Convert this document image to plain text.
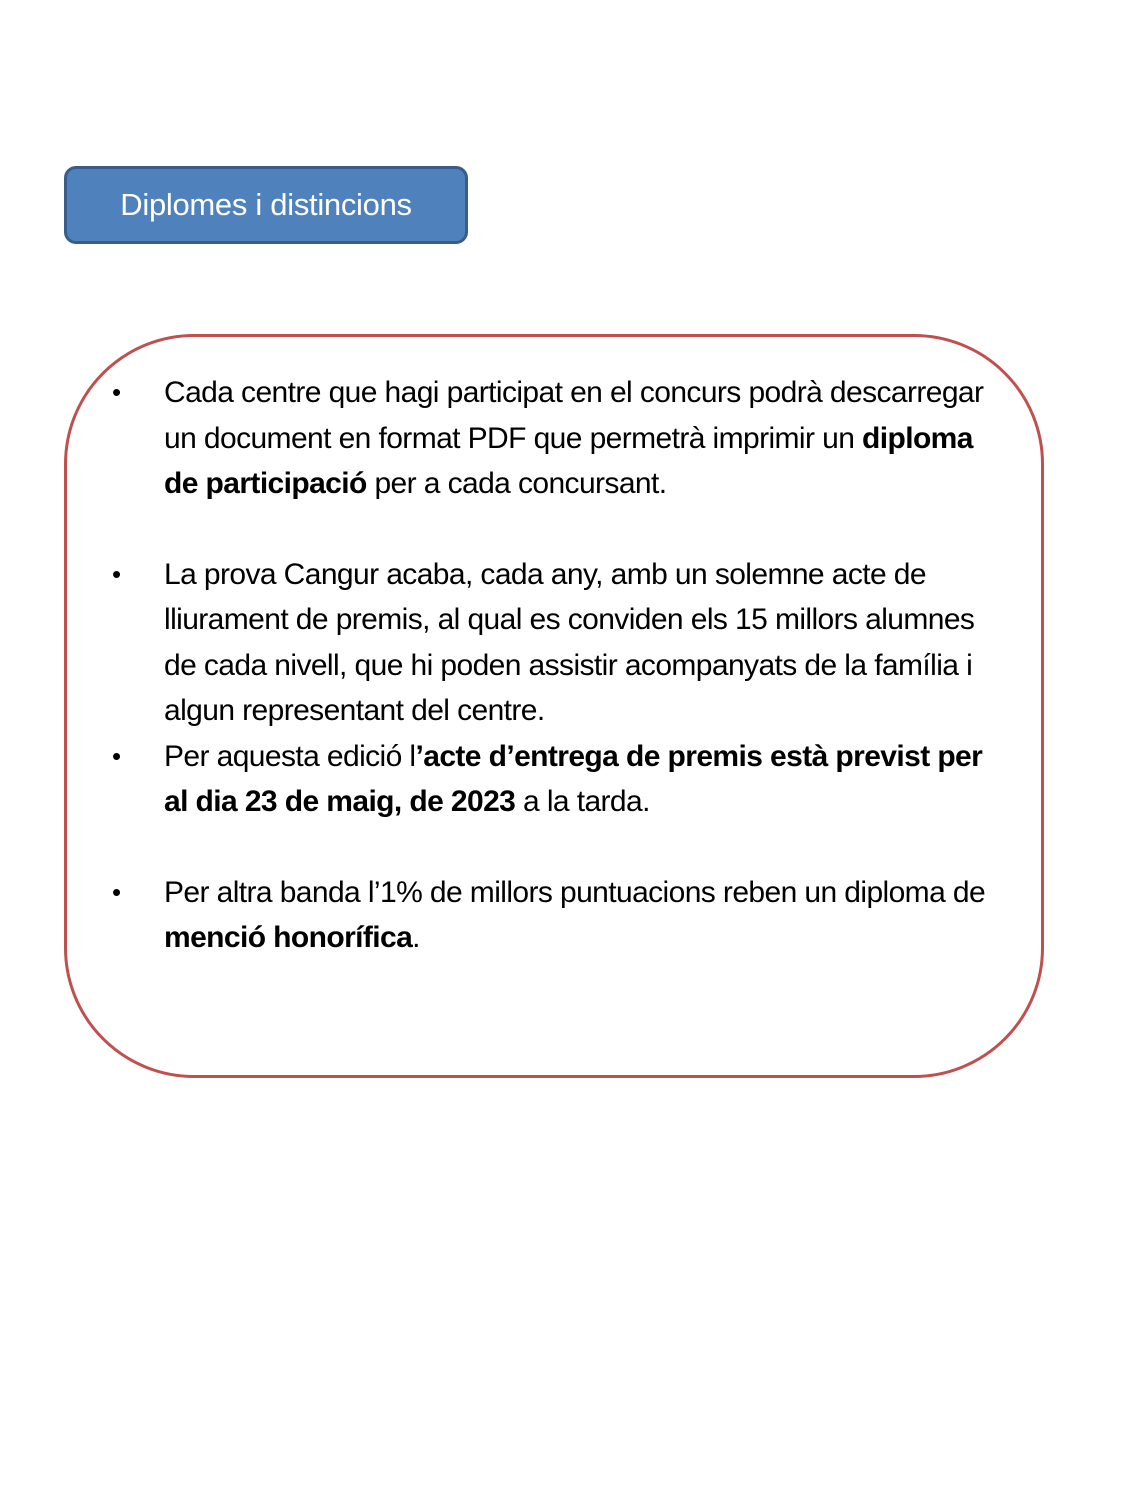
Diplomes i distincions
• Cada centre que hagi participat en el concurs podrà descarregar un document en format PDF que permetrà imprimir un diploma de participació per a cada concursant.
• La prova Cangur acaba, cada any, amb un solemne acte de lliurament de premis, al qual es conviden els 15 millors alumnes de cada nivell, que hi poden assistir acompanyats de la família i algun representant del centre.
• Per aquesta edició l’acte d’entrega de premis està previst per al dia 23 de maig, de 2023 a la tarda.
• Per altra banda l’1% de millors puntuacions reben un diploma de menció honorífica.
